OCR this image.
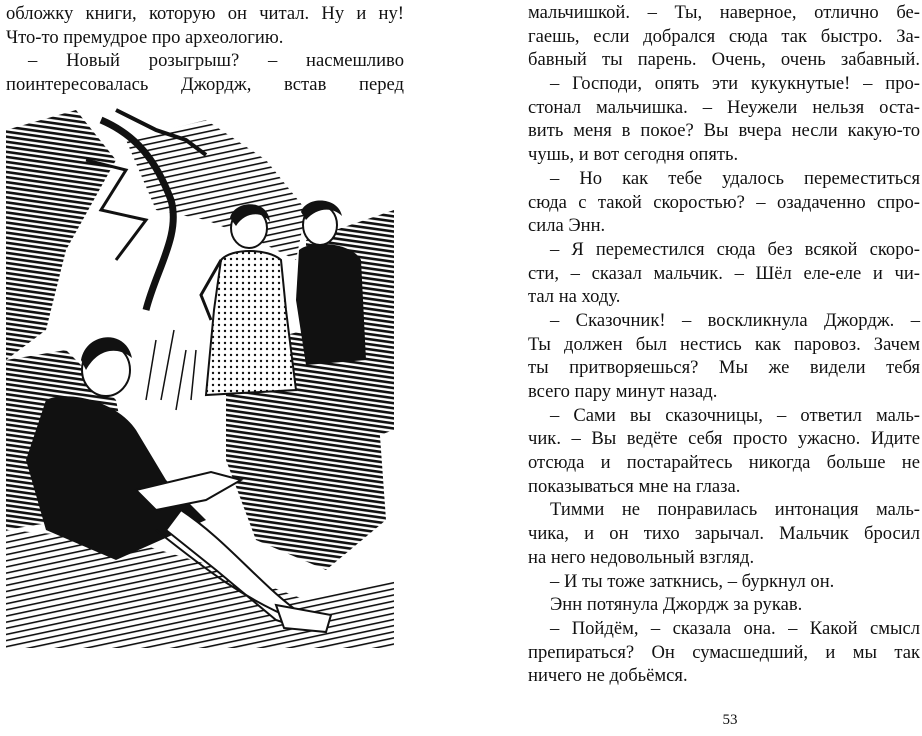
обложку книги, которую он читал. Ну и ну!
Что-то премудрое про археологию.
– Новый розыгрыш? – насмешливо
поинтересовалась Джордж, встав перед
мальчишкой. – Ты, наверное, отлично бе-
гаешь, если добрался сюда так быстро. За-
бавный ты парень. Очень, очень забавный.
– Господи, опять эти кукукнутые! – про-
стонал мальчишка. – Неужели нельзя оста-
вить меня в покое? Вы вчера несли какую-то
чушь, и вот сегодня опять.
– Но как тебе удалось переместиться
сюда с такой скоростью? – озадаченно спро-
сила Энн.
– Я переместился сюда без всякой скоро-
сти, – сказал мальчик. – Шёл еле-еле и чи-
тал на ходу.
– Сказочник! – воскликнула Джордж. –
Ты должен был нестись как паровоз. Зачем
ты притворяешься? Мы же видели тебя
всего пару минут назад.
– Сами вы сказочницы, – ответил маль-
чик. – Вы ведёте себя просто ужасно. Идите
отсюда и постарайтесь никогда больше не
показываться мне на глаза.
Тимми не понравилась интонация маль-
чика, и он тихо зарычал. Мальчик бросил
на него недовольный взгляд.
– И ты тоже заткнись, – буркнул он.
Энн потянула Джордж за рукав.
– Пойдём, – сказала она. – Какой смысл
препираться? Он сумасшедший, и мы так
ничего не добьёмся.
53
